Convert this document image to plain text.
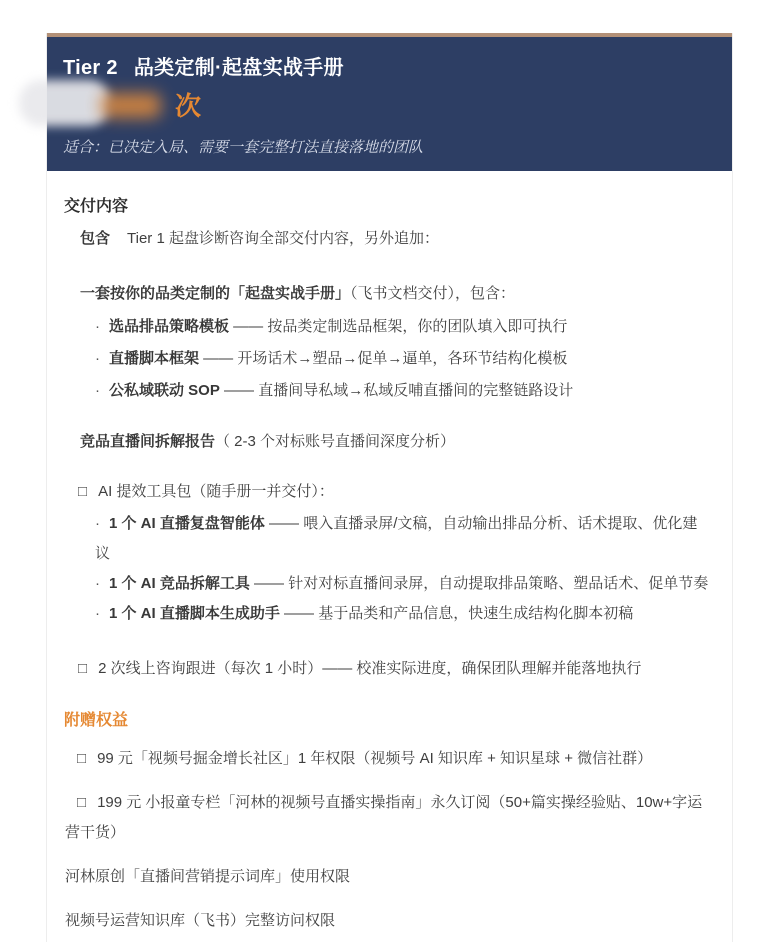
Tier 2 品类定制·起盘实战手册
次
适合：已决定入局、需要一套完整打法直接落地的团队
交付内容

包含 Tier 1 起盘诊断咨询全部交付内容，另外追加：

一套按你的品类定制的「起盘实战手册」（飞书文档交付），包含：

· 选品排品策略模板 —— 按品类定制选品框架，你的团队填入即可执行
· 直播脚本框架 —— 开场话术→塑品→促单→逼单，各环节结构化模板
· 公私域联动 SOP —— 直播间导私域→私域反哺直播间的完整链路设计

竞品直播间拆解报告（ 2-3 个对标账号直播间深度分析）

□ AI 提效工具包（随手册一并交付）：

· 1 个 AI 直播复盘智能体 —— 喂入直播录屏/文稿，自动输出排品分析、话术提取、优化建议
· 1 个 AI 竞品拆解工具 —— 针对对标直播间录屏，自动提取排品策略、塑品话术、促单节奏
· 1 个 AI 直播脚本生成助手 —— 基于品类和产品信息，快速生成结构化脚本初稿

□ 2 次线上咨询跟进（每次 1 小时）—— 校准实际进度，确保团队理解并能落地执行

附赠权益

□ 99 元「视频号掘金增长社区」1 年权限（视频号 AI 知识库 + 知识星球 + 微信社群）

□ 199 元 小报童专栏「河林的视频号直播实操指南」永久订阅（50+篇实操经验贴、10w+字运营干货）

河林原创「直播间营销提示词库」使用权限

视频号运营知识库（飞书）完整访问权限
